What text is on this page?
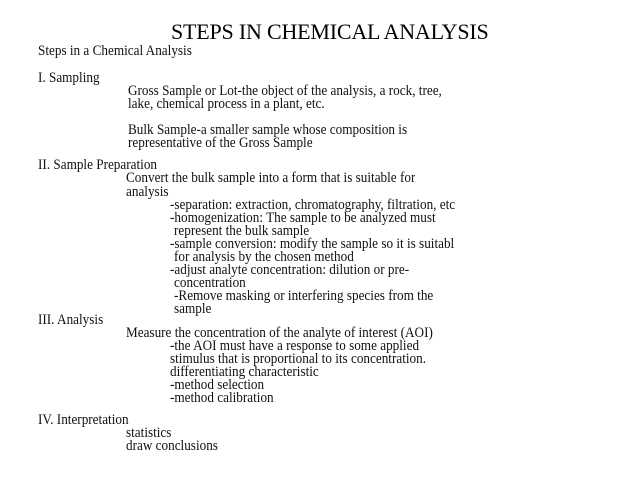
STEPS IN CHEMICAL ANALYSIS
Steps in a Chemical Analysis
I. Sampling
Gross Sample or Lot-the object of the analysis, a rock, tree,
lake, chemical process in a plant, etc.
Bulk Sample-a smaller sample whose composition is
representative of the Gross Sample
II. Sample Preparation
Convert the bulk sample into a form that is suitable for
analysis
-separation: extraction, chromatography, filtration, etc
-homogenization: The sample to be analyzed must
represent the bulk sample
-sample conversion: modify the sample so it is suitabl
for analysis by the chosen method
-adjust analyte concentration: dilution or pre-
concentration
-Remove masking or interfering species from the
sample
III. Analysis
Measure the concentration of the analyte of interest (AOI)
-the AOI must have a response to some applied
stimulus that is proportional to its concentration.
differentiating characteristic
-method selection
-method calibration
IV. Interpretation
statistics
draw conclusions
